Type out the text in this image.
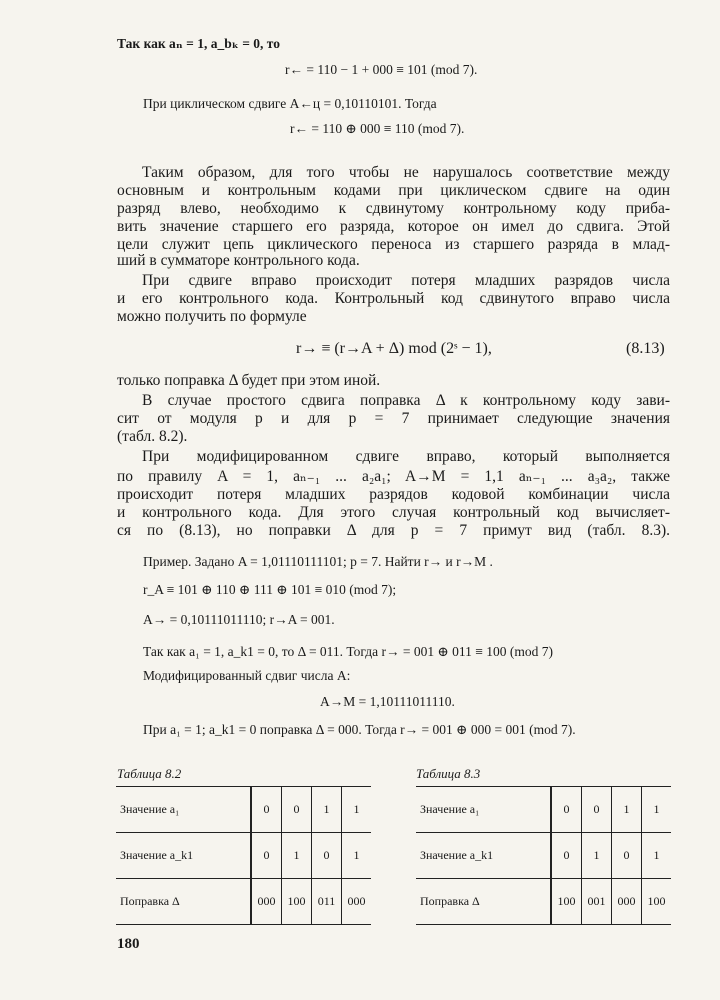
Так как aₙ = 1, a_bₖ = 0, то
r← = 110 − 1 + 000 ≡ 101 (mod 7).
При циклическом сдвиге A←ц = 0,10110101. Тогда
r← = 110 ⊕ 000 ≡ 110 (mod 7).
Таким образом, для того чтобы не нарушалось соответствие между
основным и контрольным кодами при циклическом сдвиге на один
разряд влево, необходимо к сдвинутому контрольному коду приба-
вить значение старшего его разряда, которое он имел до сдвига. Этой
цели служит цепь циклического переноса из старшего разряда в млад-
ший в сумматоре контрольного кода.
При сдвиге вправо происходит потеря младших разрядов числа
и его контрольного кода. Контрольный код сдвинутого вправо числа
можно получить по формуле
r→ ≡ (r→A + Δ) mod (2ˢ − 1),	(8.13)
только поправка Δ будет при этом иной.
В случае простого сдвига поправка Δ к контрольному коду зави-
сит от модуля p и для p = 7 принимает следующие значения
(табл. 8.2).
При модифицированном сдвиге вправо, который выполняется
по правилу A = 1, aₙ₋₁ ... a₂a₁; A→М = 1,1 aₙ₋₁ ... a₃a₂, также
происходит потеря младших разрядов кодовой комбинации числа
и контрольного кода. Для этого случая контрольный код вычисляет-
ся по (8.13), но поправки Δ для p = 7 примут вид (табл. 8.3).
Пример. Задано A = 1,01110111101; p = 7. Найти r→ и r→М .
r_A ≡ 101 ⊕ 110 ⊕ 111 ⊕ 101 ≡ 010 (mod 7);
A→ = 0,10111011110; r→A = 001.
Так как a₁ = 1, a_k1 = 0, то Δ = 011. Тогда r→ = 001 ⊕ 011 ≡ 100 (mod 7)
Модифицированный сдвиг числа A:
A→М = 1,10111011110.
При a₁ = 1; a_k1 = 0 поправка Δ = 000. Тогда r→ = 001 ⊕ 000 = 001 (mod 7).
Таблица 8.2	Таблица 8.3
Значение a₁	0	0	1	1
Значение a_k1	0	1	0	1
Поправка Δ	000	100	011	000
Значение a₁	0	0	1	1
Значение a_k1	0	1	0	1
Поправка Δ	100	001	000	100
180
